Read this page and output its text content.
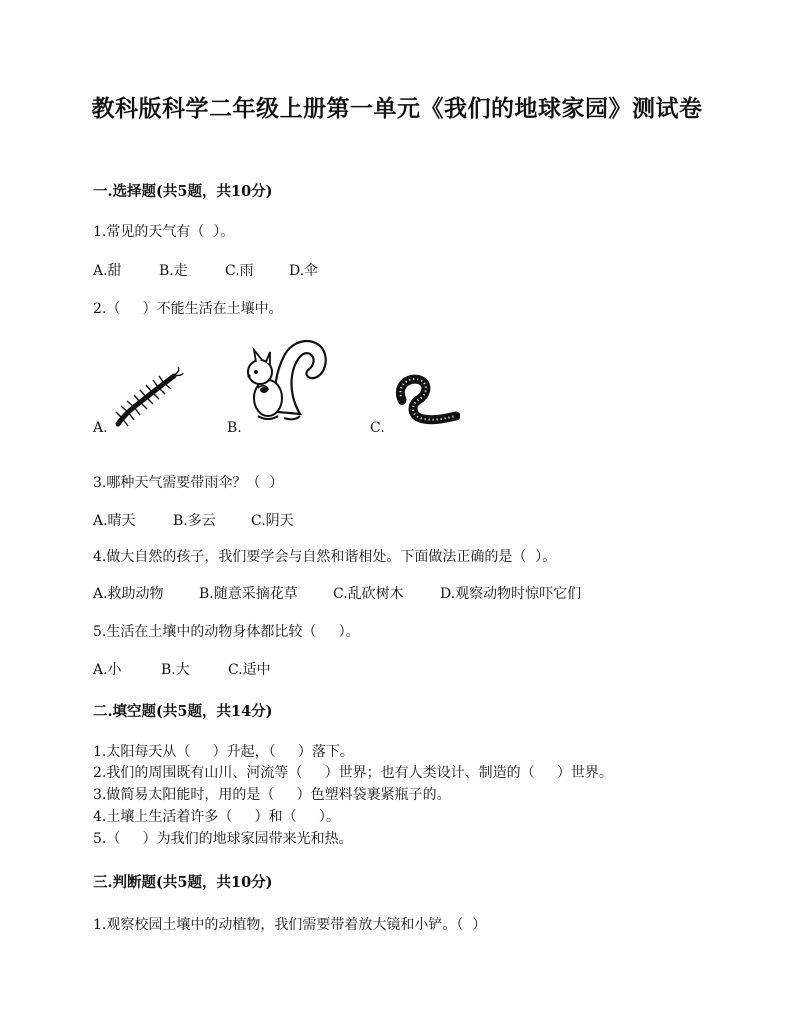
教科版科学二年级上册第一单元《我们的地球家园》测试卷
一.选择题(共5题，共10分)
1.常见的天气有（  ）。
A.甜	B.走	C.雨	D.伞
2.（     ）不能生活在土壤中。
A.	B.	C.
3.哪种天气需要带雨伞？（  ）
A.晴天	B.多云	C.阴天
4.做大自然的孩子，我们要学会与自然和谐相处。下面做法正确的是（  ）。
A.救助动物	B.随意采摘花草	C.乱砍树木	D.观察动物时惊吓它们
5.生活在土壤中的动物身体都比较（     ）。
A.小	B.大	C.适中
二.填空题(共5题，共14分)
1.太阳每天从（     ）升起，（     ）落下。
2.我们的周围既有山川、河流等（     ）世界；也有人类设计、制造的（     ）世界。
3.做简易太阳能时，用的是（     ）色塑料袋裹紧瓶子的。
4.土壤上生活着许多（     ）和（     ）。
5.（     ）为我们的地球家园带来光和热。
三.判断题(共5题，共10分)
1.观察校园土壤中的动植物，我们需要带着放大镜和小铲。（  ）
